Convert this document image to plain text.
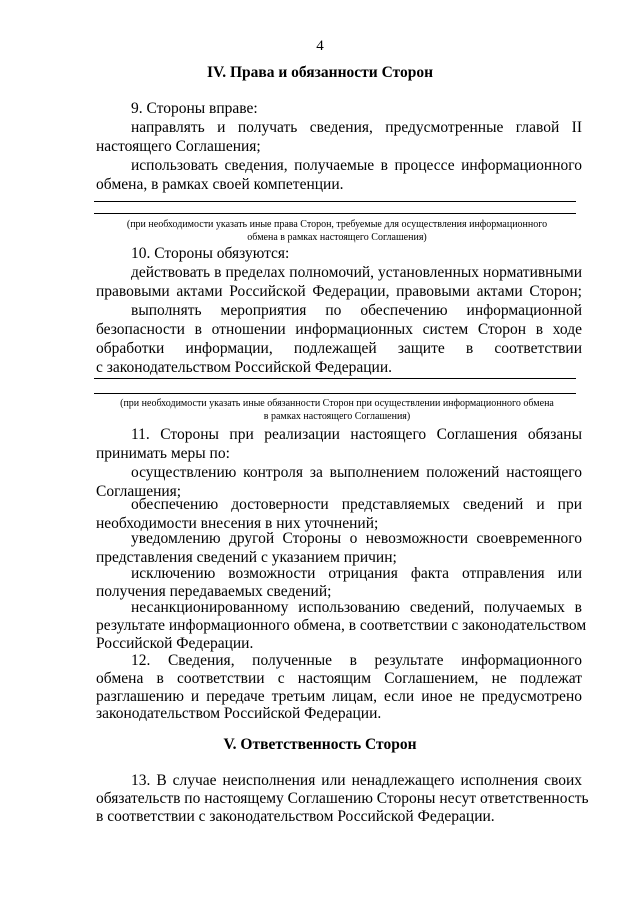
4
IV. Права и обязанности Сторон
9. Стороны вправе:
направлять и получать сведения, предусмотренные главой II
настоящего Соглашения;
использовать сведения, получаемые в процессе информационного
обмена, в рамках своей компетенции.
(при необходимости указать иные права Сторон, требуемые для осуществления информационного
обмена в рамках настоящего Соглашения)
10. Стороны обязуются:
действовать в пределах полномочий, установленных нормативными
правовыми актами Российской Федерации, правовыми актами Сторон;
выполнять мероприятия по обеспечению информационной
безопасности в отношении информационных систем Сторон в ходе
обработки информации, подлежащей защите в соответствии
с законодательством Российской Федерации.
(при необходимости указать иные обязанности Сторон при осуществлении информационного обмена
в рамках настоящего Соглашения)
11. Стороны при реализации настоящего Соглашения обязаны
принимать меры по:
осуществлению контроля за выполнением положений настоящего
Соглашения;
обеспечению достоверности представляемых сведений и при
необходимости внесения в них уточнений;
уведомлению другой Стороны о невозможности своевременного
представления сведений с указанием причин;
исключению возможности отрицания факта отправления или
получения передаваемых сведений;
несанкционированному использованию сведений, получаемых в
результате информационного обмена, в соответствии с законодательством
Российской Федерации.
12. Сведения, полученные в результате информационного
обмена в соответствии с настоящим Соглашением, не подлежат
разглашению и передаче третьим лицам, если иное не предусмотрено
законодательством Российской Федерации.
V. Ответственность Сторон
13. В случае неисполнения или ненадлежащего исполнения своих
обязательств по настоящему Соглашению Стороны несут ответственность
в соответствии с законодательством Российской Федерации.
